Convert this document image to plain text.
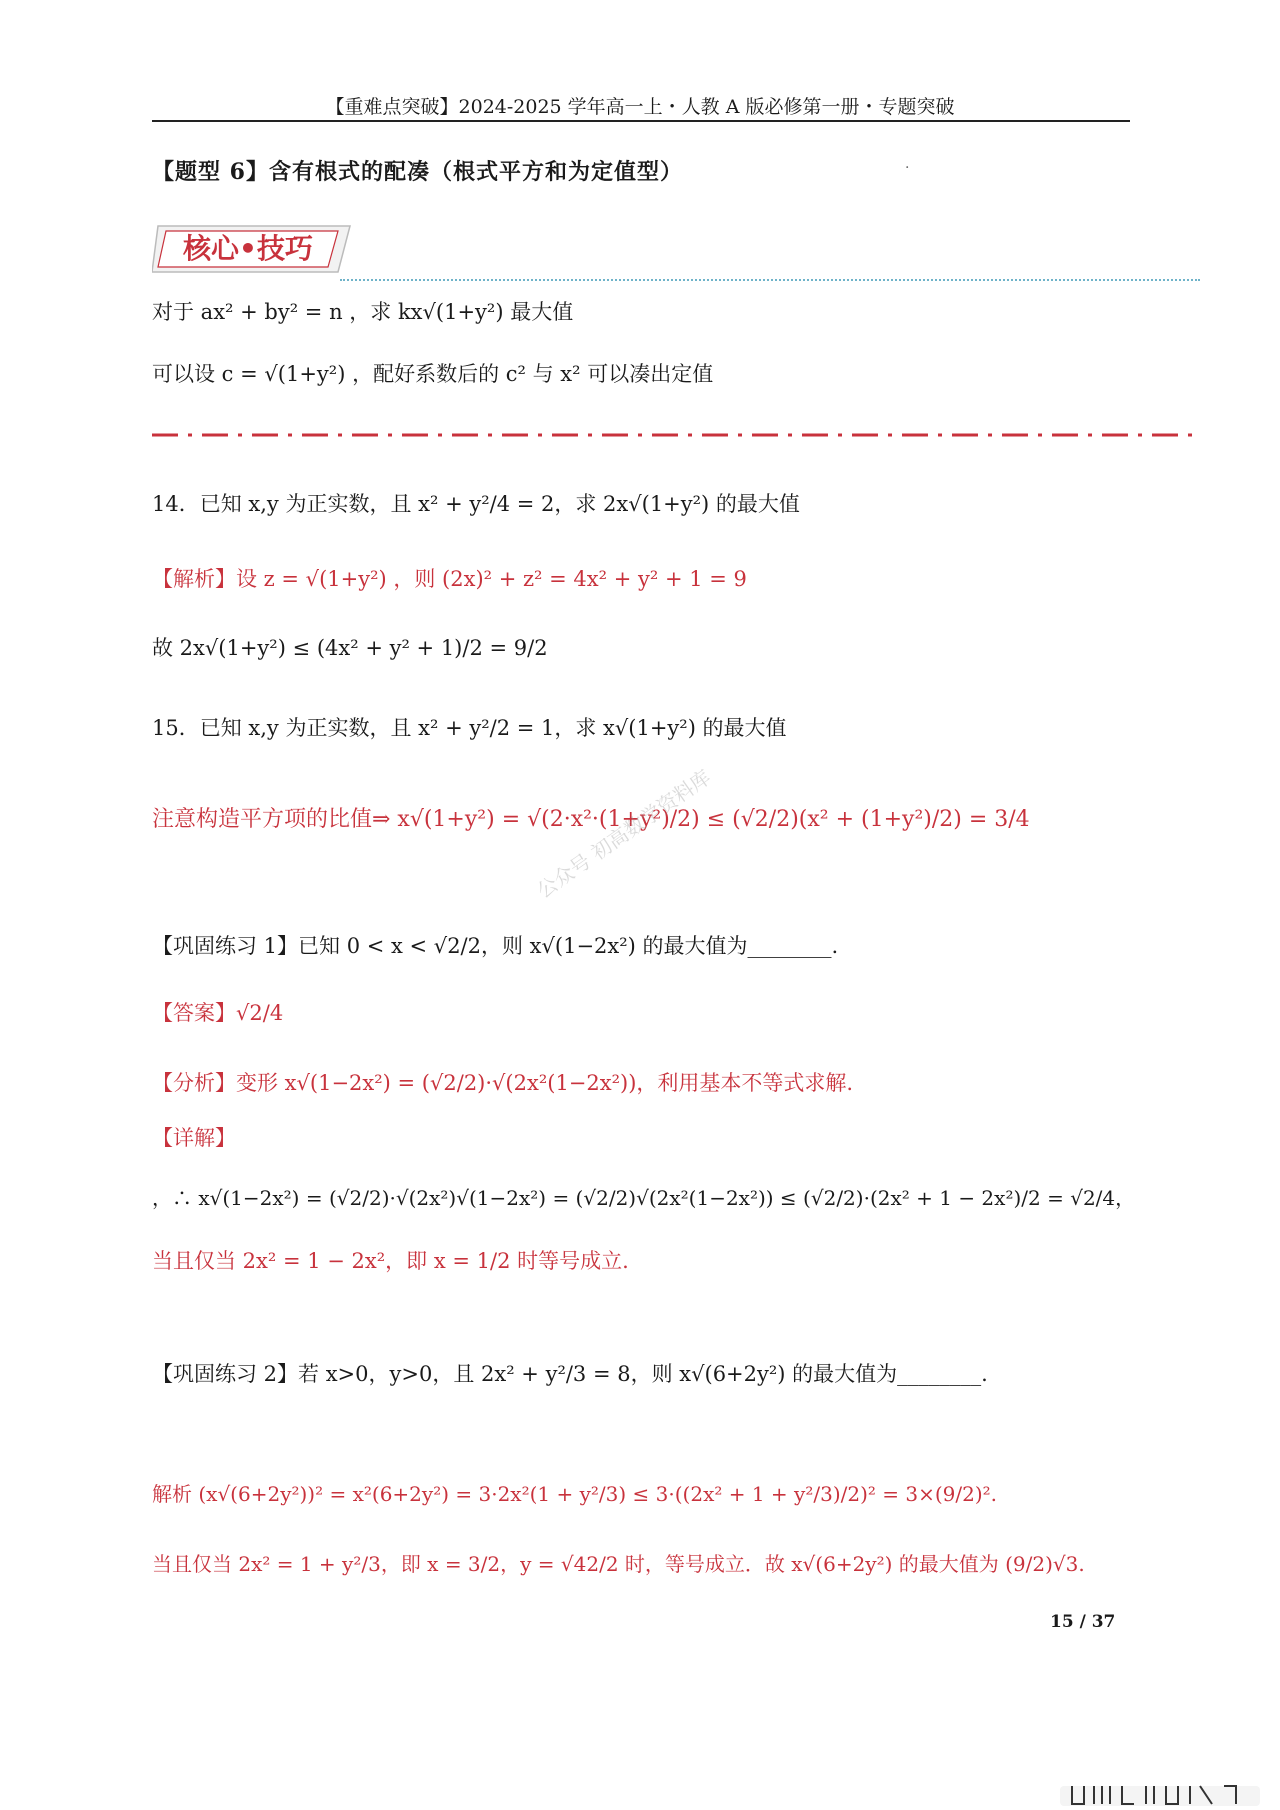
【重难点突破】2024-2025 学年高一上・人教 A 版必修第一册・专题突破
【题型 6】含有根式的配凑（根式平方和为定值型）	·
核心•技巧
对于 ax² + by² = n ，求 kx√(1+y²) 最大值
可以设 c = √(1+y²) ，配好系数后的 c² 与 x² 可以凑出定值
14．已知 x,y 为正实数，且 x² + y²/4 = 2，求 2x√(1+y²) 的最大值
【解析】设 z = √(1+y²) ，则 (2x)² + z² = 4x² + y² + 1 = 9
故 2x√(1+y²) ≤ (4x² + y² + 1)/2 = 9/2
15．已知 x,y 为正实数，且 x² + y²/2 = 1，求 x√(1+y²) 的最大值
注意构造平方项的比值⇒ x√(1+y²) = √(2·x²·(1+y²)/2) ≤ (√2/2)(x² + (1+y²)/2) = 3/4
公众号 初高数学资料库
【巩固练习 1】已知 0 < x < √2/2，则 x√(1−2x²) 的最大值为________.
【答案】√2/4
【分析】变形 x√(1−2x²) = (√2/2)·√(2x²(1−2x²))，利用基本不等式求解.
【详解】
，∴ x√(1−2x²) = (√2/2)·√(2x²)√(1−2x²) = (√2/2)√(2x²(1−2x²)) ≤ (√2/2)·(2x² + 1 − 2x²)/2 = √2/4，
当且仅当 2x² = 1 − 2x²，即 x = 1/2 时等号成立.
【巩固练习 2】若 x>0，y>0，且 2x² + y²/3 = 8，则 x√(6+2y²) 的最大值为________.
解析 (x√(6+2y²))² = x²(6+2y²) = 3·2x²(1 + y²/3) ≤ 3·((2x² + 1 + y²/3)/2)² = 3×(9/2)².
当且仅当 2x² = 1 + y²/3，即 x = 3/2，y = √42/2 时，等号成立．故 x√(6+2y²) 的最大值为 (9/2)√3.
15 / 37
